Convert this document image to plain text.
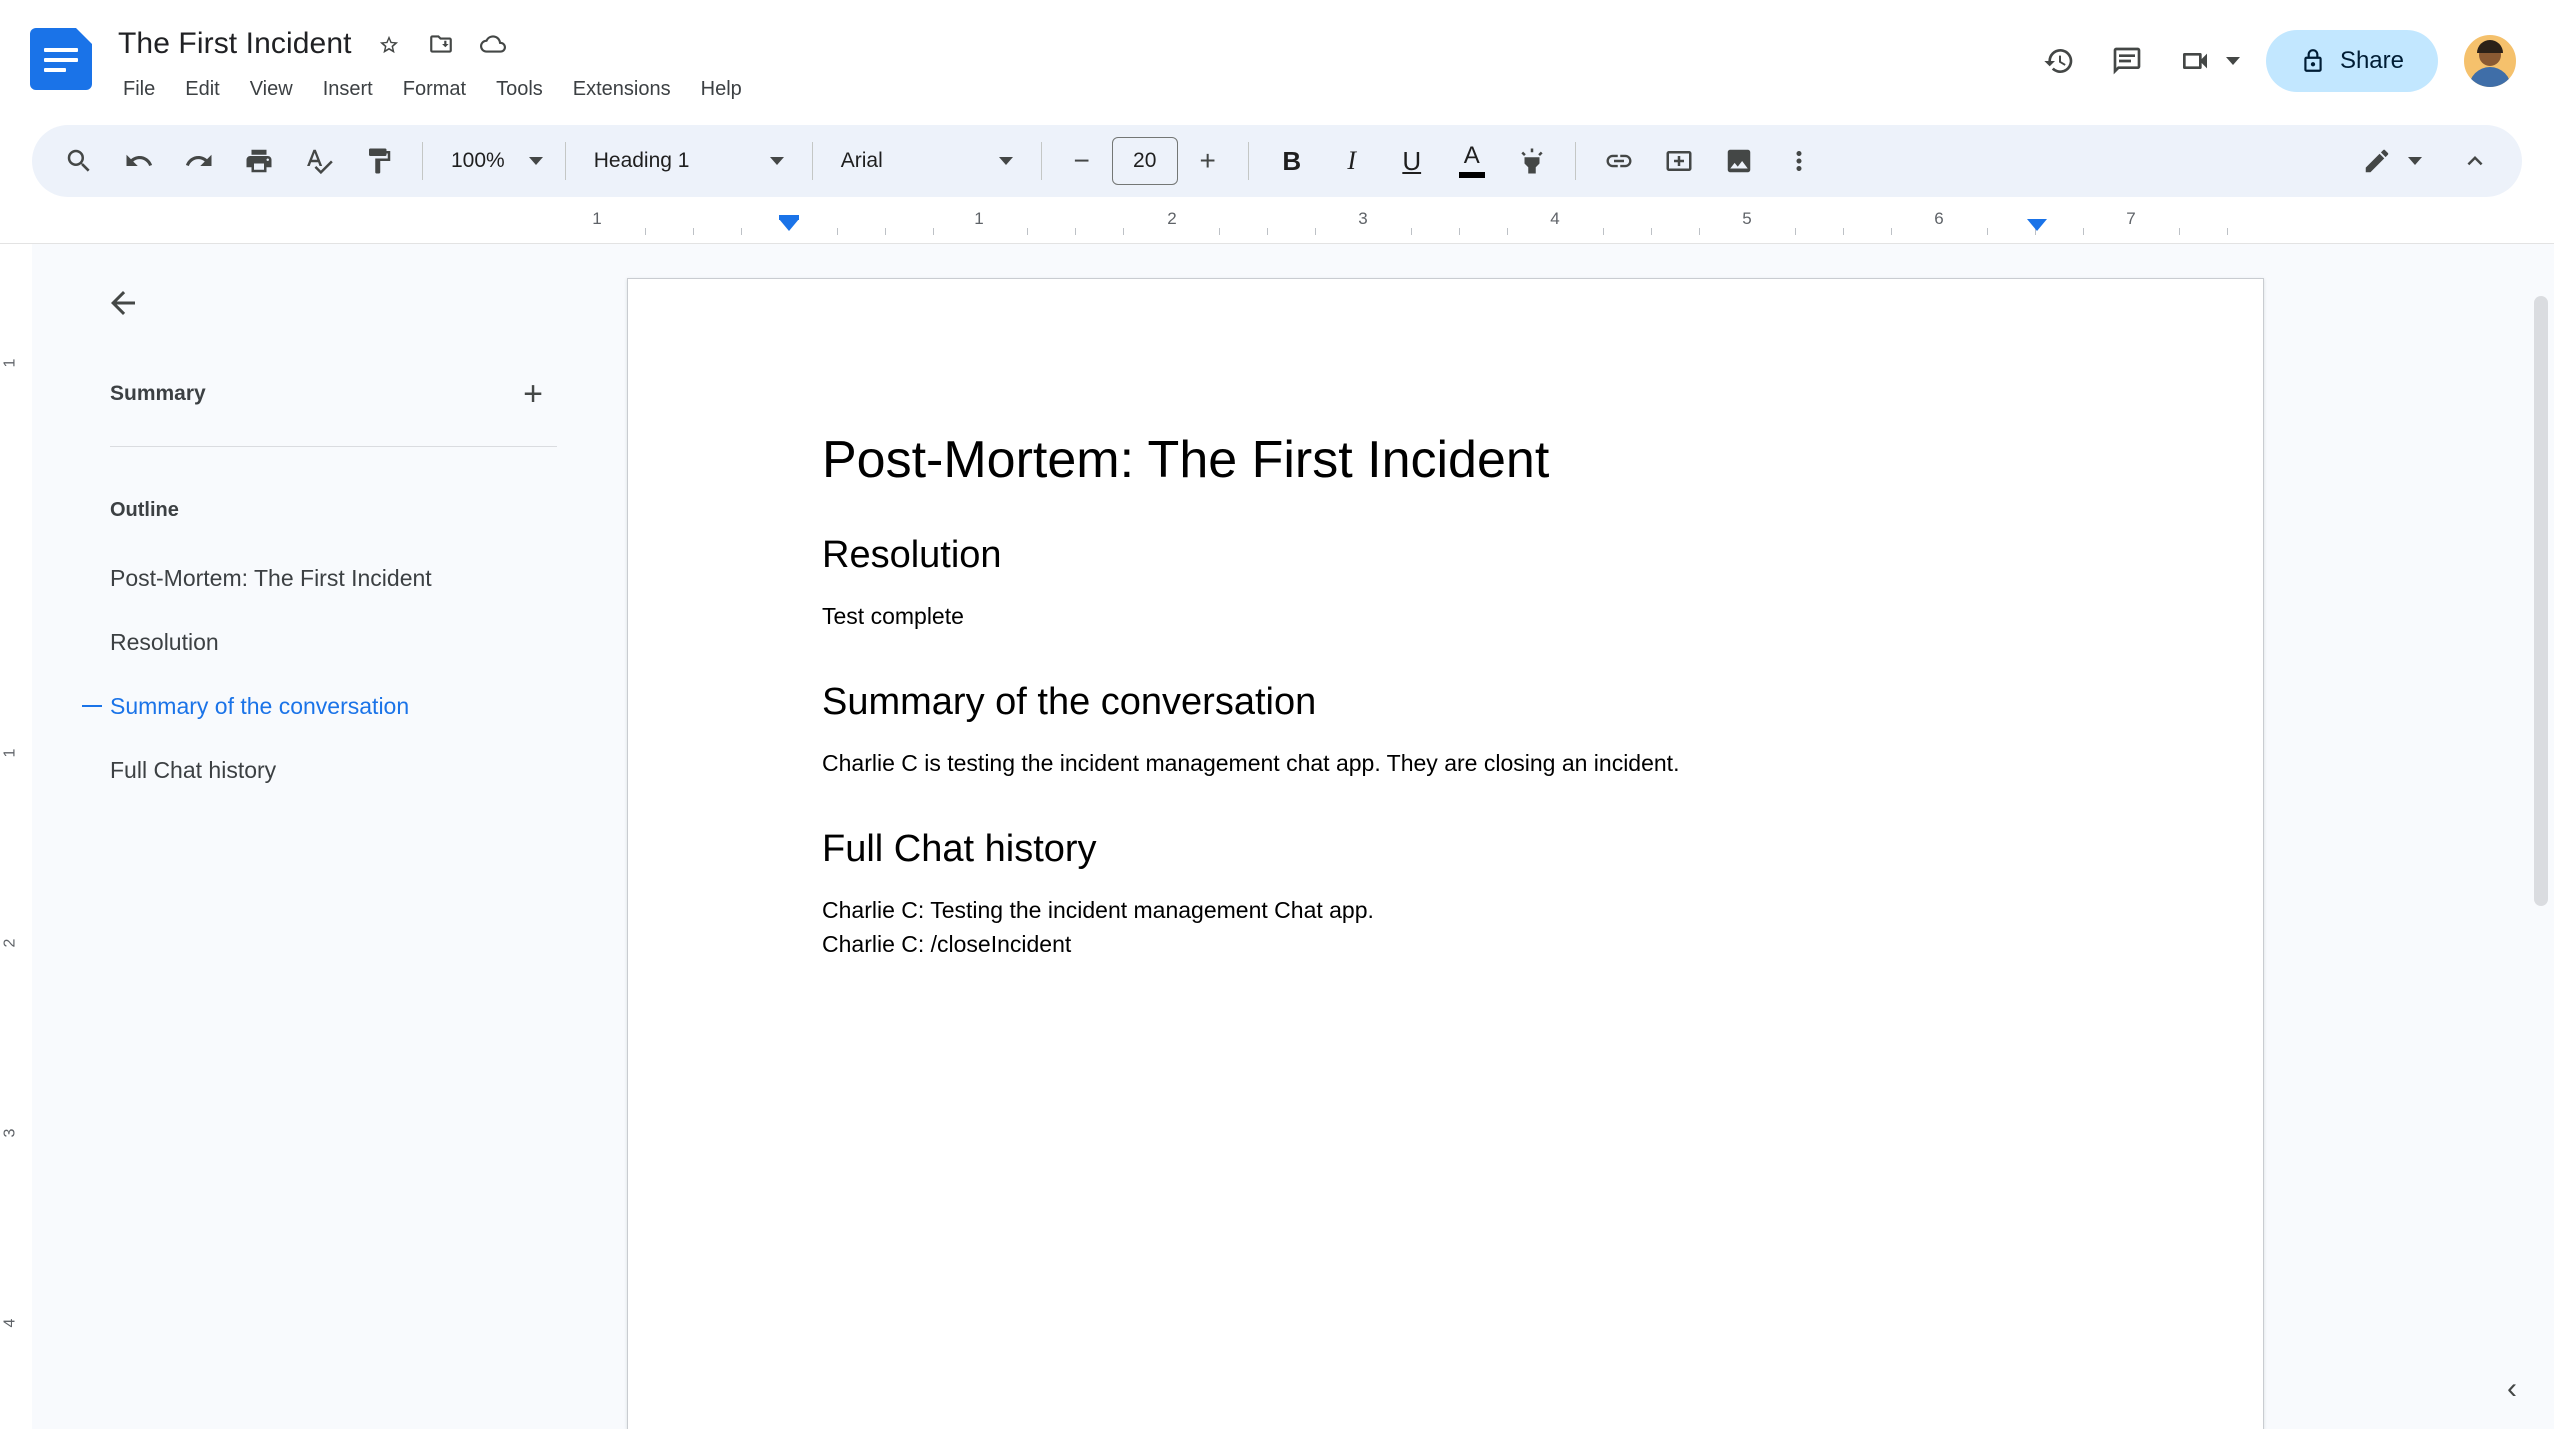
The First Incident
File	Edit	View	Insert	Format	Tools	Extensions	Help
Share
100%	Heading 1	Arial	−	20	+	B	I	U	A
1	1	2	3	4	5	6	7
1
1
2
3
4
Summary	+
Outline
Post-Mortem: The First Incident
Resolution
Summary of the conversation
Full Chat history
Post-Mortem: The First Incident
Resolution
Test complete
Summary of the conversation
Charlie C is testing the incident management chat app. They are closing an incident.
Full Chat history
Charlie C: Testing the incident management Chat app.
Charlie C: /closeIncident
‹
